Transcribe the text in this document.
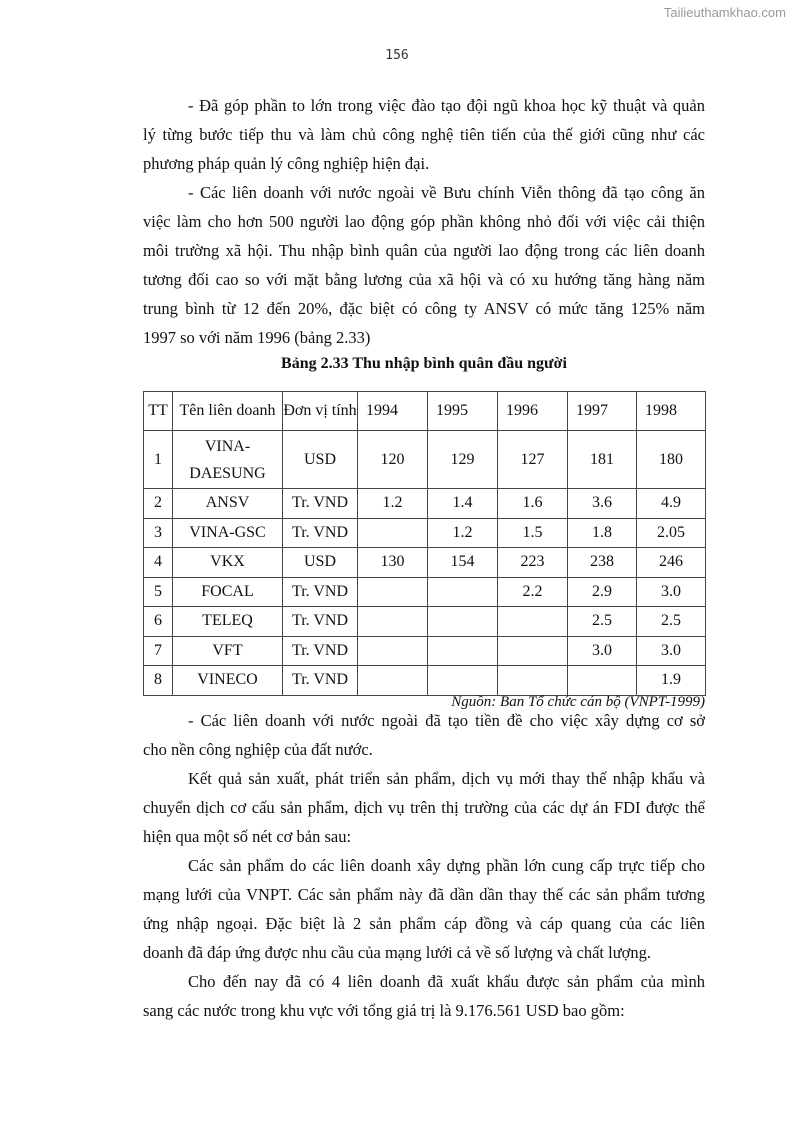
Tailieuthamkhao.com
156
- Đã góp phần to lớn trong việc đào tạo đội ngũ khoa học kỹ thuật và quản
lý từng bước tiếp thu và làm chủ công nghệ tiên tiến của thế giới cũng như các
phương pháp quản lý công nghiệp hiện đại.
- Các liên doanh với nước ngoài về Bưu chính Viễn thông đã tạo công ăn
việc làm cho hơn 500 người lao động góp phần không nhỏ đối với việc cải thiện
môi trường xã hội. Thu nhập bình quân của người lao động trong các liên doanh
tương đối cao so với mặt bằng lương của xã hội và có xu hướng tăng hàng năm
trung bình từ 12 đến 20%, đặc biệt có công ty ANSV có mức tăng 125% năm
1997 so với năm 1996 (bảng 2.33)
Bảng 2.33 Thu nhập bình quân đầu người
TT	Tên liên doanh	Đơn vị tính	1994	1995	1996	1997	1998
1	VINA-DAESUNG	USD	120	129	127	181	180
2	ANSV	Tr. VND	1.2	1.4	1.6	3.6	4.9
3	VINA-GSC	Tr. VND		1.2	1.5	1.8	2.05
4	VKX	USD	130	154	223	238	246
5	FOCAL	Tr. VND			2.2	2.9	3.0
6	TELEQ	Tr. VND				2.5	2.5
7	VFT	Tr. VND				3.0	3.0
8	VINECO	Tr. VND					1.9
Nguồn: Ban Tổ chức cán bộ (VNPT-1999)
- Các liên doanh với nước ngoài đã tạo tiền đề cho việc xây dựng cơ sở
cho nền công nghiệp của đất nước.
Kết quả sản xuất, phát triển sản phẩm, dịch vụ mới thay thế nhập khẩu và
chuyển dịch cơ cấu sản phẩm, dịch vụ trên thị trường của các dự án FDI được thể
hiện qua một số nét cơ bản sau:
Các sản phẩm do các liên doanh xây dựng phần lớn cung cấp trực tiếp cho
mạng lưới của VNPT. Các sản phẩm này đã dần dần thay thế các sản phẩm tương
ứng nhập ngoại. Đặc biệt là 2 sản phẩm cáp đồng và cáp quang của các liên
doanh đã đáp ứng được nhu cầu của mạng lưới cả về số lượng và chất lượng.
Cho đến nay đã có 4 liên doanh đã xuất khẩu được sản phẩm của mình
sang các nước trong khu vực với tổng giá trị là 9.176.561 USD bao gồm:
